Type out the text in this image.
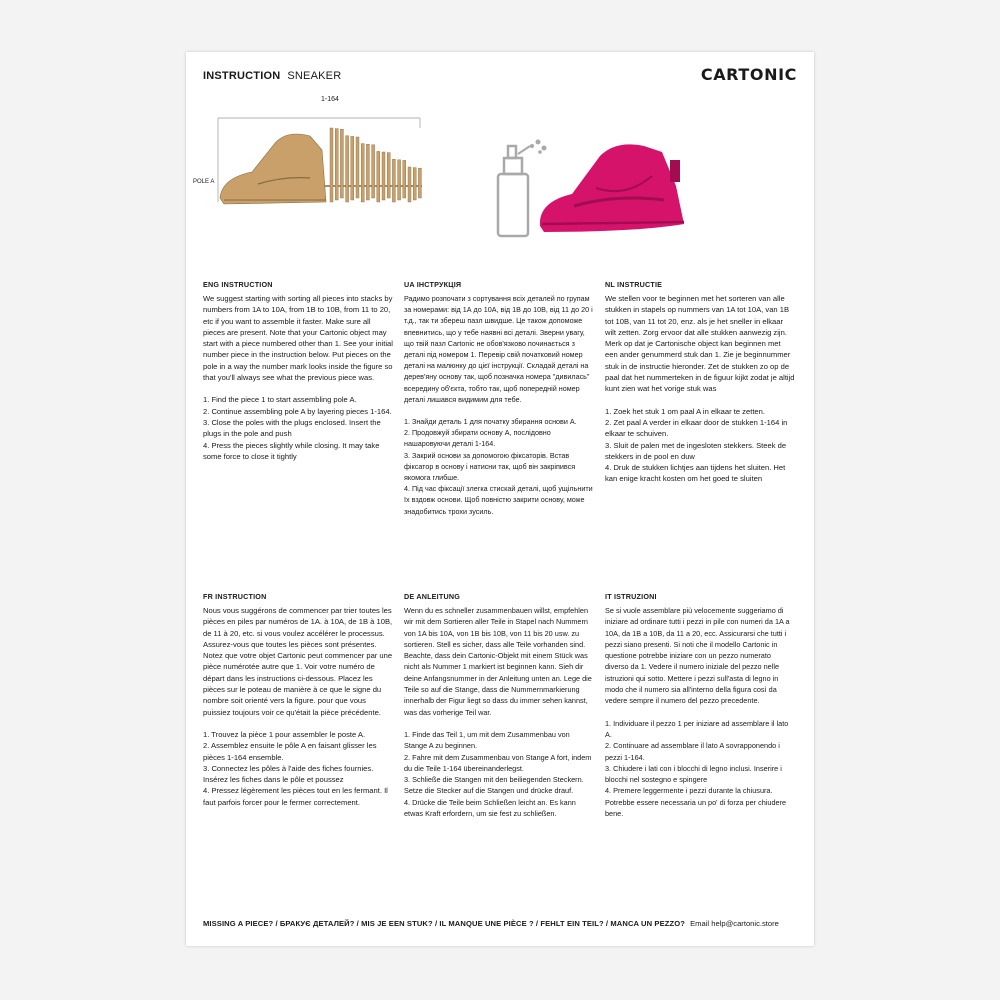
INSTRUCTION SNEAKER	CARTONIC
1-164
POLE A
ENG INSTRUCTION

We suggest starting with sorting all pieces into stacks by numbers from 1A to 10A, from 1B to 10B, from 11 to 20, etc if you want to assemble it faster. Make sure all pieces are present. Note that your Cartonic object may start with a piece numbered other than 1. See your initial number piece in the instruction below. Put pieces on the pole in a way the number mark looks inside the figure so that you'll always see what the previous piece was.

1. Find the piece 1 to start assembling pole A.
2. Continue assembling pole A by layering pieces 1-164.
3. Close the poles with the plugs enclosed. Insert the plugs in the pole and push
4. Press the pieces slightly while closing. It may take some force to close it tightly
UA ІНСТРУКЦІЯ

Радимо розпочати з сортування всіх деталей по групам за номерами: від 1А до 10А, від 1В до 10В, від 11 до 20 і т.д., так ти збереш пазл швидше. Це також допоможе впевнитись, що у тебе наявні всі деталі. Зверни увагу, що твій пазл Cartonic не обов'язково починається з деталі під номером 1. Перевір свій початковий номер деталі на малюнку до цієї інструкції. Складай деталі на дерев'яну основу так, щоб позначка номера "дивилась" всередину об'єкта, тобто так, щоб попередній номер деталі лишався видимим для тебе.

1. Знайди деталь 1 для початку збирання основи А.
2. Продовжуй збирати основу А, послідовно нашаровуючи деталі 1-164.
3. Закрий основи за допомогою фіксаторів. Встав фіксатор в основу і натисни так, щоб він закріпився якомога глибше.
4. Під час фіксації злегка стискай деталі, щоб ущільнити їх вздовж основи. Щоб повністю закрити основу, може знадобитись трохи зусиль.
NL INSTRUCTIE

We stellen voor te beginnen met het sorteren van alle stukken in stapels op nummers van 1A tot 10A, van 1B tot 10B, van 11 tot 20, enz. als je het sneller in elkaar wilt zetten. Zorg ervoor dat alle stukken aanwezig zijn. Merk op dat je Cartonische object kan beginnen met een ander genummerd stuk dan 1. Zie je beginnummer stuk in de instructie hieronder. Zet de stukken zo op de paal dat het nummerteken in de figuur kijkt zodat je altijd kunt zien wat het vorige stuk was

1. Zoek het stuk 1 om paal A in elkaar te zetten.
2. Zet paal A verder in elkaar door de stukken 1-164 in elkaar te schuiven.
3. Sluit de palen met de ingesloten stekkers. Steek de stekkers in de pool en duw
4. Druk de stukken lichtjes aan tijdens het sluiten. Het kan enige kracht kosten om het goed te sluiten
FR INSTRUCTION

Nous vous suggérons de commencer par trier toutes les pièces en piles par numéros de 1A. à 10A, de 1B à 10B, de 11 à 20, etc. si vous voulez accélérer le processus. Assurez-vous que toutes les pièces sont présentes. Notez que votre objet Cartonic peut commencer par une pièce numérotée autre que 1. Voir votre numéro de départ dans les instructions ci-dessous. Placez les pièces sur le poteau de manière à ce que le signe du nombre soit orienté vers la figure. pour que vous puissiez toujours voir ce qu'était la pièce précédente.

1. Trouvez la pièce 1 pour assembler le poste A.
2. Assemblez ensuite le pôle A en faisant glisser les pièces 1-164 ensemble.
3. Connectez les pôles à l'aide des fiches fournies. Insérez les fiches dans le pôle et poussez
4. Pressez légèrement les pièces tout en les fermant. Il faut parfois forcer pour le fermer correctement.
DE ANLEITUNG

Wenn du es schneller zusammenbauen willst, empfehlen wir mit dem Sortieren aller Teile in Stapel nach Nummern von 1A bis 10A, von 1B bis 10B, von 11 bis 20 usw. zu sortieren. Stell es sicher, dass alle Teile vorhanden sind. Beachte, dass dein Cartonic-Objekt mit einem Stück was nicht als Nummer 1 markiert ist beginnen kann. Sieh dir deine Anfangsnummer in der Anleitung unten an. Lege die Teile so auf die Stange, dass die Nummernmarkierung innerhalb der Figur liegt so dass du immer sehen kannst, was das vorherige Teil war.

1. Finde das Teil 1, um mit dem Zusammenbau von Stange A zu beginnen.
2. Fahre mit dem Zusammenbau von Stange A fort, indem du die Teile 1-164 übereinanderlegst.
3. Schließe die Stangen mit den beiliegenden Steckern. Setze die Stecker auf die Stangen und drücke drauf.
4. Drücke die Teile beim Schließen leicht an. Es kann etwas Kraft erfordern, um sie fest zu schließen.
IT ISTRUZIONI

Se si vuole assemblare più velocemente suggeriamo di iniziare ad ordinare tutti i pezzi in pile con numeri da 1A a 10A, da 1B a 10B, da 11 a 20, ecc. Assicurarsi che tutti i pezzi siano presenti. Si noti che il modello Cartonic in questione potrebbe iniziare con un pezzo numerato diverso da 1. Vedere il numero iniziale del pezzo nelle istruzioni qui sotto. Mettere i pezzi sull'asta di legno in modo che il numero sia all'interno della figura così da vedere sempre il numero del pezzo precedente.

1. Individuare il pezzo 1 per iniziare ad assemblare il lato A.
2. Continuare ad assemblare il lato A sovrapponendo i pezzi 1-164.
3. Chiudere i lati con i blocchi di legno inclusi. Inserire i blocchi nel sostegno e spingere
4. Premere leggermente i pezzi durante la chiusura. Potrebbe essere necessaria un po' di forza per chiudere bene.
MISSING A PIECE? / БРАКУЄ ДЕТАЛЕЙ? / MIS JE EEN STUK? / IL MANQUE UNE PIÈCE ? / FEHLT EIN TEIL? / MANCA UN PEZZO? Email help@cartonic.store
